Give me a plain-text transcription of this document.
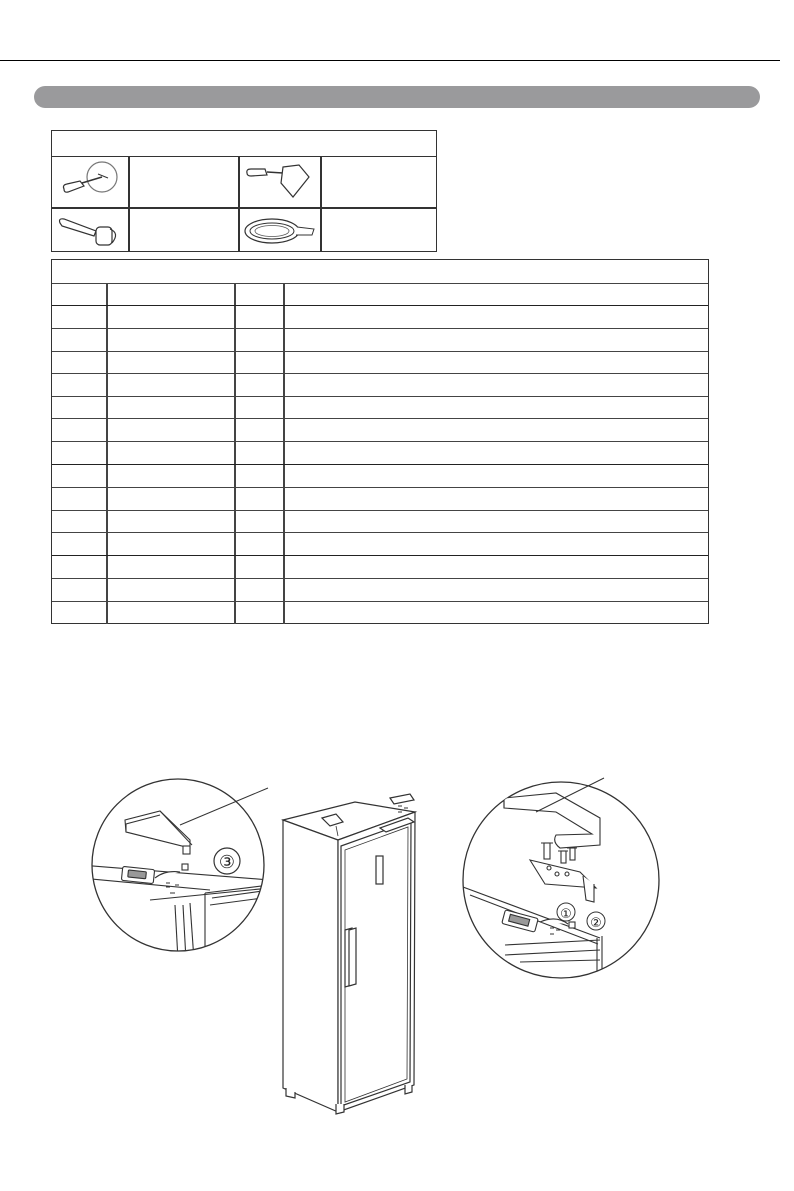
③
①
②
